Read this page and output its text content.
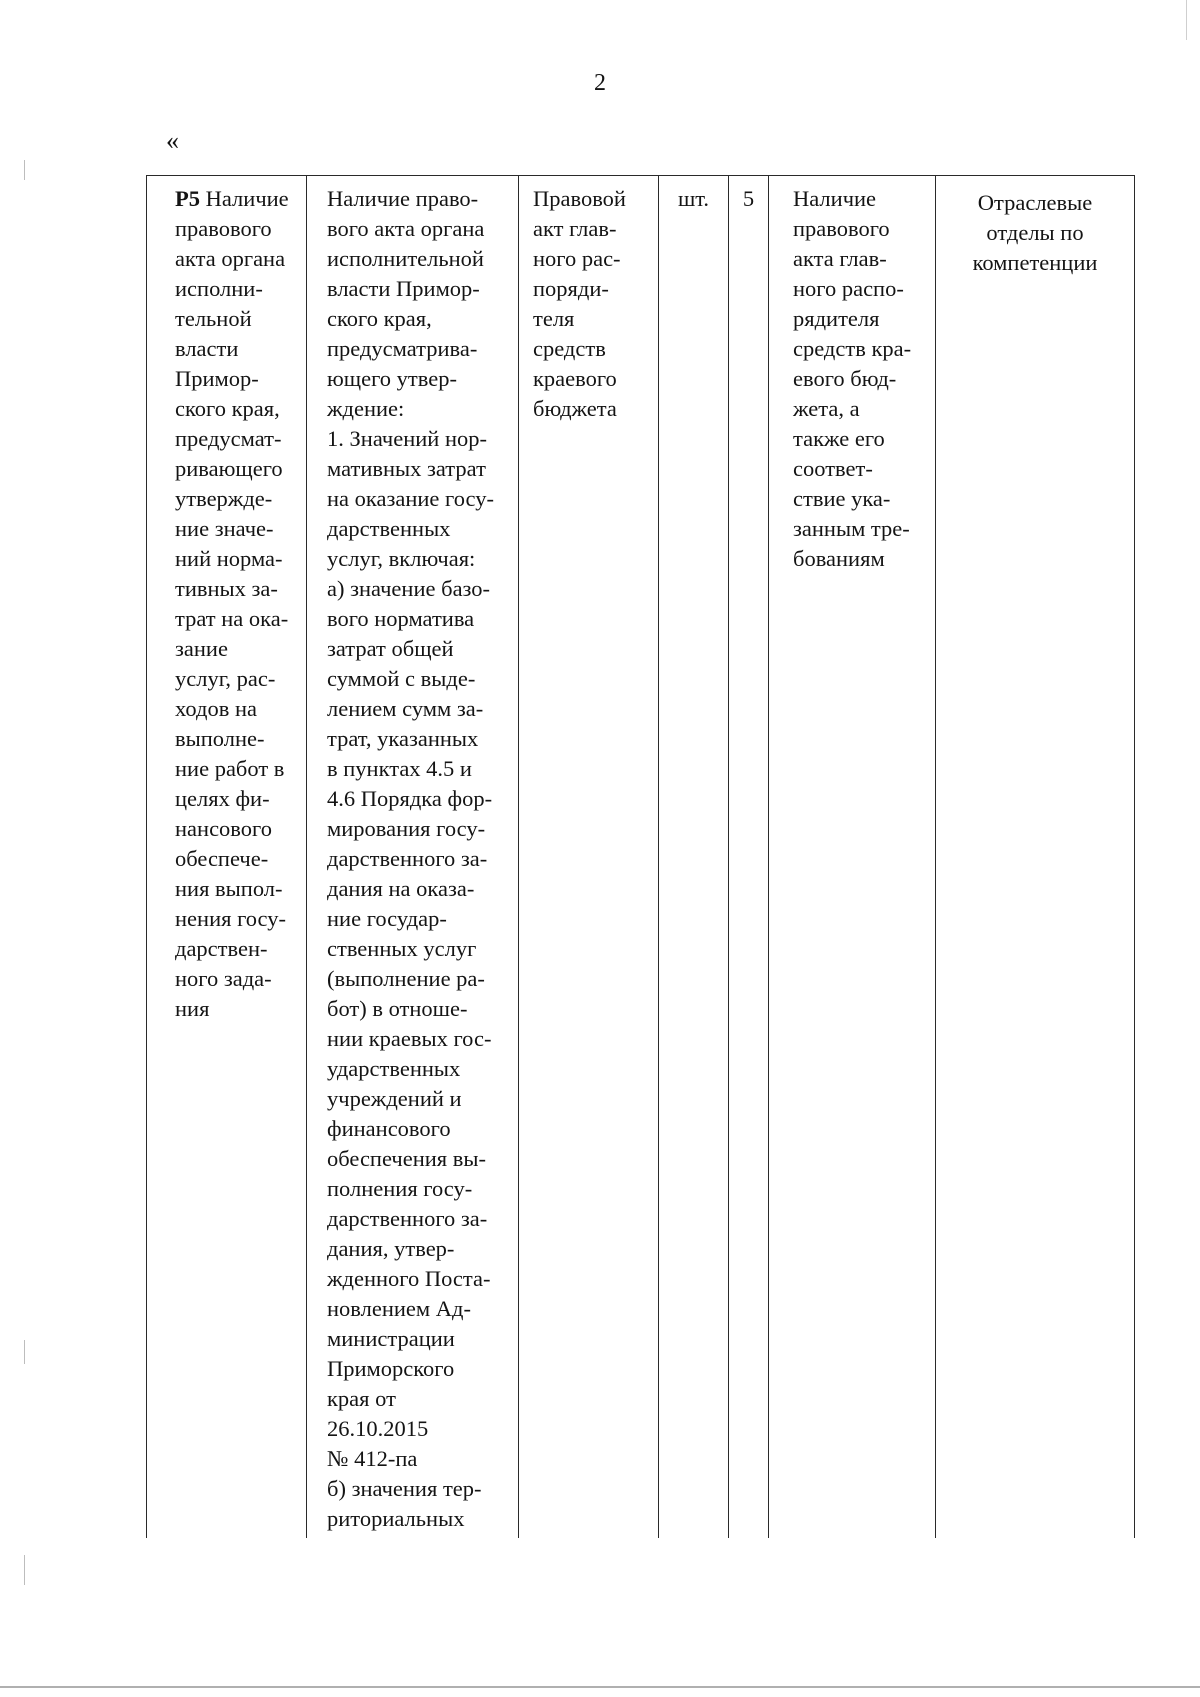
2
«
Р5 Наличие
правового
акта органа
исполни-
тельной
власти
Примор-
ского края,
предусмат-
ривающего
утвержде-
ние значе-
ний норма-
тивных за-
трат на ока-
зание
услуг, рас-
ходов на
выполне-
ние работ в
целях фи-
нансового
обеспече-
ния выпол-
нения госу-
дарствен-
ного зада-
ния	Наличие право-
вого акта органа
исполнительной
власти Примор-
ского края,
предусматрива-
ющего утвер-
ждение:
1. Значений нор-
мативных затрат
на оказание госу-
дарственных
услуг, включая:
а) значение базо-
вого норматива
затрат общей
суммой с выде-
лением сумм за-
трат, указанных
в пунктах 4.5 и
4.6 Порядка фор-
мирования госу-
дарственного за-
дания на оказа-
ние государ-
ственных услуг
(выполнение ра-
бот) в отноше-
нии краевых гос-
ударственных
учреждений и
финансового
обеспечения вы-
полнения госу-
дарственного за-
дания, утвер-
жденного Поста-
новлением Ад-
министрации
Приморского
края от
26.10.2015
№ 412-па
б) значения тер-
риториальных	Правовой
акт глав-
ного рас-
поряди-
теля
средств
краевого
бюджета	шт.	5	Наличие
правового
акта глав-
ного распо-
рядителя
средств кра-
евого бюд-
жета, а
также его
соответ-
ствие ука-
занным тре-
бованиям	Отраслевые
отделы по
компетенции
